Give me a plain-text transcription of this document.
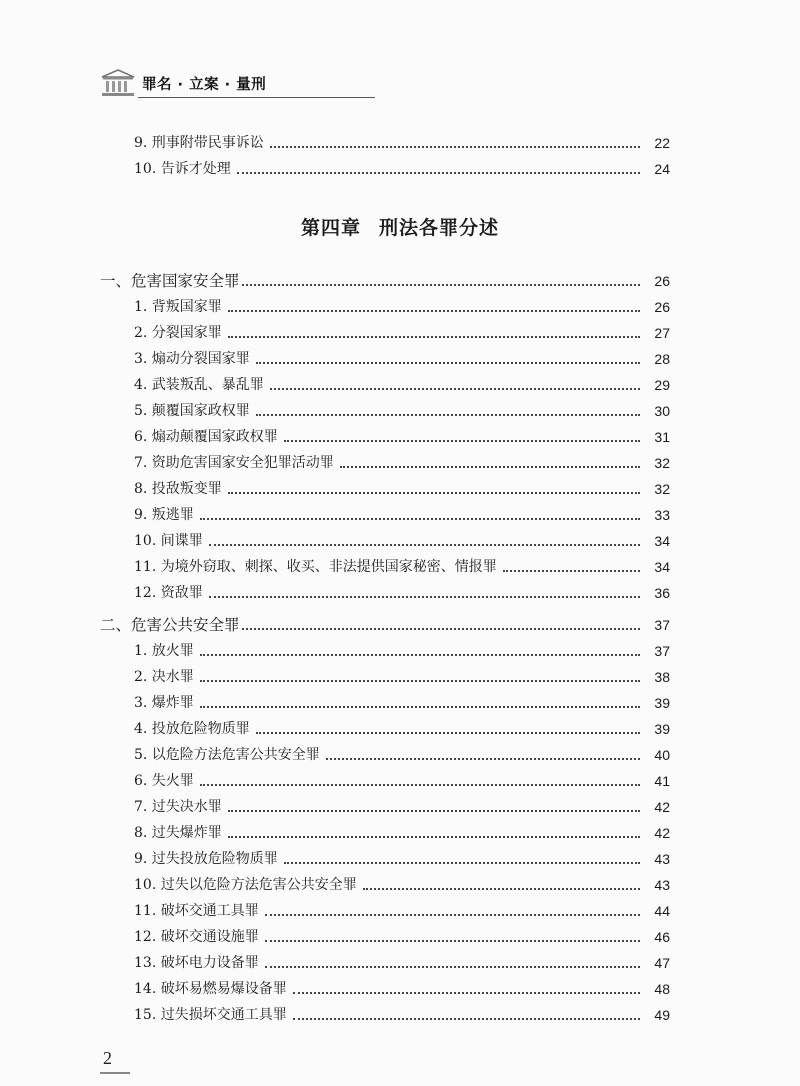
罪名 · 立案 · 量刑
9. 刑事附带民事诉讼	22
10. 告诉才处理	24
第四章 刑法各罪分述
一、危害国家安全罪	26
1. 背叛国家罪	26
2. 分裂国家罪	27
3. 煽动分裂国家罪	28
4. 武装叛乱、暴乱罪	29
5. 颠覆国家政权罪	30
6. 煽动颠覆国家政权罪	31
7. 资助危害国家安全犯罪活动罪	32
8. 投敌叛变罪	32
9. 叛逃罪	33
10. 间谍罪	34
11. 为境外窃取、刺探、收买、非法提供国家秘密、情报罪	34
12. 资敌罪	36
二、危害公共安全罪	37
1. 放火罪	37
2. 决水罪	38
3. 爆炸罪	39
4. 投放危险物质罪	39
5. 以危险方法危害公共安全罪	40
6. 失火罪	41
7. 过失决水罪	42
8. 过失爆炸罪	42
9. 过失投放危险物质罪	43
10. 过失以危险方法危害公共安全罪	43
11. 破坏交通工具罪	44
12. 破坏交通设施罪	46
13. 破坏电力设备罪	47
14. 破坏易燃易爆设备罪	48
15. 过失损坏交通工具罪	49
2
